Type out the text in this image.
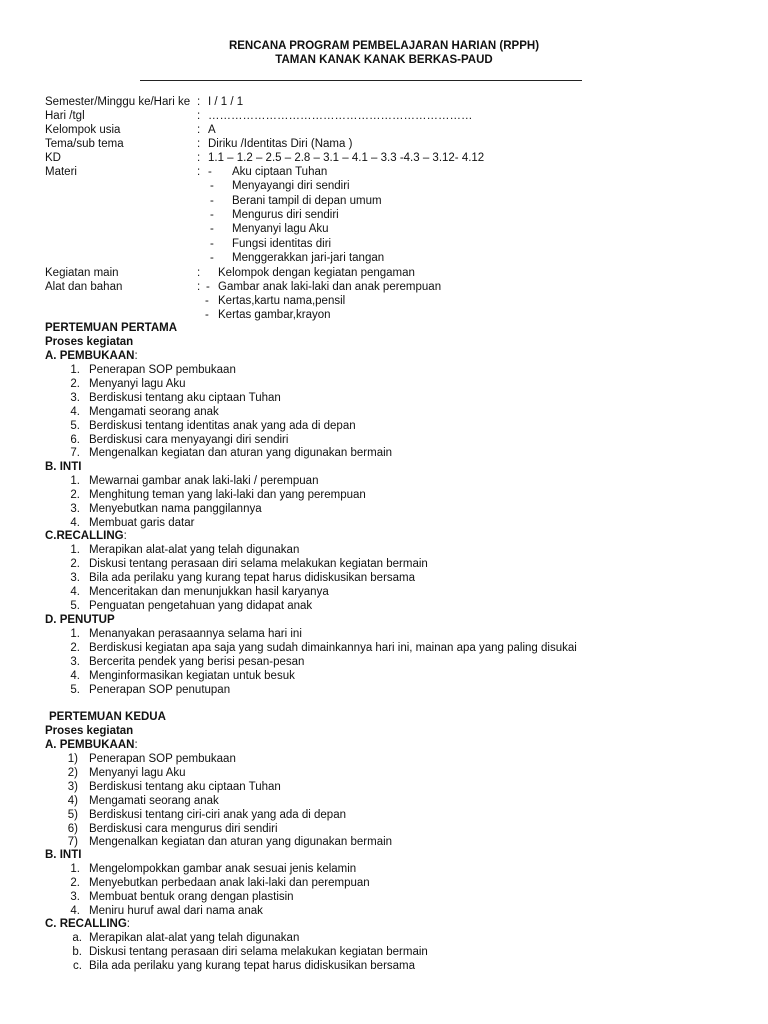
RENCANA PROGRAM PEMBELAJARAN HARIAN (RPPH)
TAMAN KANAK KANAK BERKAS-PAUD
Semester/Minggu ke/Hari ke : I / 1 / 1
Hari /tgl	: ……………………………………………………………
Kelompok usia	: A
Tema/sub tema	: Diriku /Identitas Diri (Nama )
KD	: 1.1 – 1.2 – 2.5 – 2.8 – 3.1 – 4.1 – 3.3 -4.3 – 3.12- 4.12
Materi	: - Aku ciptaan Tuhan
- Menyayangi diri sendiri
- Berani tampil di depan umum
- Mengurus diri sendiri
- Menyanyi lagu Aku
- Fungsi identitas diri
- Menggerakkan jari-jari tangan
Kegiatan main	: Kelompok dengan kegiatan pengaman
Alat dan bahan	: - Gambar anak laki-laki dan anak perempuan
- Kertas,kartu nama,pensil
- Kertas gambar,krayon
PERTEMUAN PERTAMA
Proses kegiatan
A. PEMBUKAAN:
1. Penerapan SOP pembukaan
2. Menyanyi lagu Aku
3. Berdiskusi tentang aku ciptaan Tuhan
4. Mengamati seorang anak
5. Berdiskusi tentang identitas anak yang ada di depan
6. Berdiskusi cara menyayangi diri sendiri
7. Mengenalkan kegiatan dan aturan yang digunakan bermain
B. INTI
1. Mewarnai gambar anak laki-laki / perempuan
2. Menghitung teman yang laki-laki dan yang perempuan
3. Menyebutkan nama panggilannya
4. Membuat garis datar
C.RECALLING:
1. Merapikan alat-alat yang telah digunakan
2. Diskusi tentang perasaan diri selama melakukan kegiatan bermain
3. Bila ada perilaku yang kurang tepat harus didiskusikan bersama
4. Menceritakan dan menunjukkan hasil karyanya
5. Penguatan pengetahuan yang didapat anak
D. PENUTUP
1. Menanyakan perasaannya selama hari ini
2. Berdiskusi kegiatan apa saja yang sudah dimainkannya hari ini, mainan apa yang paling disukai
3. Bercerita pendek yang berisi pesan-pesan
4. Menginformasikan kegiatan untuk besuk
5. Penerapan SOP penutupan
PERTEMUAN KEDUA
Proses kegiatan
A. PEMBUKAAN:
1) Penerapan SOP pembukaan
2) Menyanyi lagu Aku
3) Berdiskusi tentang aku ciptaan Tuhan
4) Mengamati seorang anak
5) Berdiskusi tentang ciri-ciri anak yang ada di depan
6) Berdiskusi cara mengurus diri sendiri
7) Mengenalkan kegiatan dan aturan yang digunakan bermain
B. INTI
1. Mengelompokkan gambar anak sesuai jenis kelamin
2. Menyebutkan perbedaan anak laki-laki dan perempuan
3. Membuat bentuk orang dengan plastisin
4. Meniru huruf awal dari nama anak
C. RECALLING:
a. Merapikan alat-alat yang telah digunakan
b. Diskusi tentang perasaan diri selama melakukan kegiatan bermain
c. Bila ada perilaku yang kurang tepat harus didiskusikan bersama
